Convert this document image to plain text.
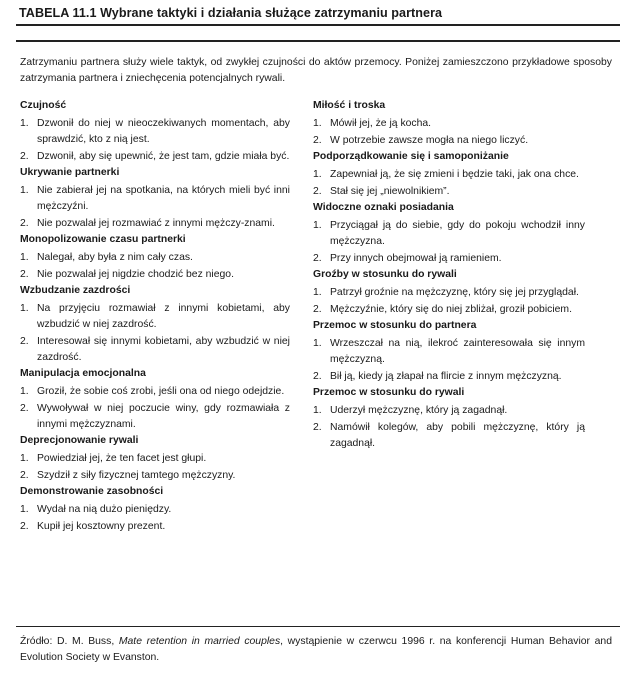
TABELA 11.1 Wybrane taktyki i działania służące zatrzymaniu partnera
Zatrzymaniu partnera służy wiele taktyk, od zwykłej czujności do aktów przemocy. Poniżej zamieszczono przykładowe sposoby zatrzymania partnera i zniechęcenia potencjalnych rywali.
Czujność
1. Dzwonił do niej w nieoczekiwanych momentach, aby sprawdzić, kto z nią jest.
2. Dzwonił, aby się upewnić, że jest tam, gdzie miała być.
Ukrywanie partnerki
1. Nie zabierał jej na spotkania, na których mieli być inni mężczyźni.
2. Nie pozwalał jej rozmawiać z innymi mężczy-znami.
Monopolizowanie czasu partnerki
1. Nalegał, aby była z nim cały czas.
2. Nie pozwalał jej nigdzie chodzić bez niego.
Wzbudzanie zazdrości
1. Na przyjęciu rozmawiał z innymi kobietami, aby wzbudzić w niej zazdrość.
2. Interesował się innymi kobietami, aby wzbudzić w niej zazdrość.
Manipulacja emocjonalna
1. Groził, że sobie coś zrobi, jeśli ona od niego odejdzie.
2. Wywoływał w niej poczucie winy, gdy rozmawiała z innymi mężczyznami.
Deprecjonowanie rywali
1. Powiedział jej, że ten facet jest głupi.
2. Szydził z siły fizycznej tamtego mężczyzny.
Demonstrowanie zasobności
1. Wydał na nią dużo pieniędzy.
2. Kupił jej kosztowny prezent.
Miłość i troska
1. Mówił jej, że ją kocha.
2. W potrzebie zawsze mogła na niego liczyć.
Podporządkowanie się i samoponiżanie
1. Zapewniał ją, że się zmieni i będzie taki, jak ona chce.
2. Stał się jej „niewolnikiem”.
Widoczne oznaki posiadania
1. Przyciągał ją do siebie, gdy do pokoju wchodził inny mężczyzna.
2. Przy innych obejmował ją ramieniem.
Groźby w stosunku do rywali
1. Patrzył groźnie na mężczyznę, który się jej przyglądał.
2. Mężczyźnie, który się do niej zbliżał, groził pobiciem.
Przemoc w stosunku do partnera
1. Wrzeszczał na nią, ilekroć zainteresowała się innym mężczyzną.
2. Bił ją, kiedy ją złapał na flircie z innym mężczyzną.
Przemoc w stosunku do rywali
1. Uderzył mężczyznę, który ją zagadnął.
2. Namówił kolegów, aby pobili mężczyznę, który ją zagadnął.
Źródło: D. M. Buss, Mate retention in married couples, wystąpienie w czerwcu 1996 r. na konferencji Human Behavior and Evolution Society w Evanston.
